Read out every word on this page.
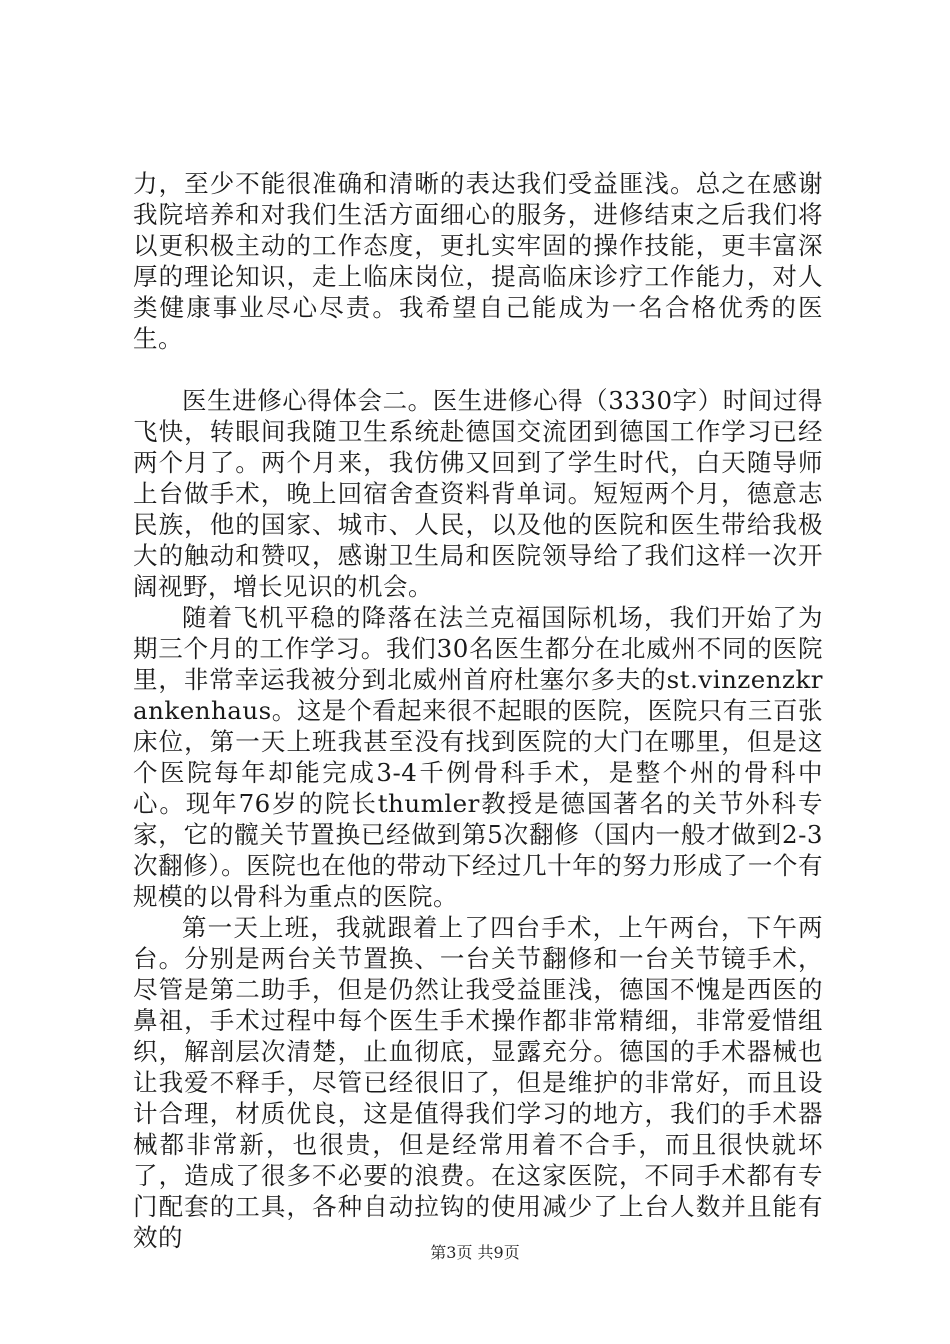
力，至少不能很准确和清晰的表达我们受益匪浅。总之在感谢我院培养和对我们生活方面细心的服务，进修结束之后我们将以更积极主动的工作态度，更扎实牢固的操作技能，更丰富深厚的理论知识，走上临床岗位，提高临床诊疗工作能力，对人类健康事业尽心尽责。我希望自己能成为一名合格优秀的医生。

医生进修心得体会二。医生进修心得（3330字）时间过得飞快，转眼间我随卫生系统赴德国交流团到德国工作学习已经两个月了。两个月来，我仿佛又回到了学生时代，白天随导师上台做手术，晚上回宿舍查资料背单词。短短两个月，德意志民族，他的国家、城市、人民，以及他的医院和医生带给我极大的触动和赞叹，感谢卫生局和医院领导给了我们这样一次开阔视野，增长见识的机会。

随着飞机平稳的降落在法兰克福国际机场，我们开始了为期三个月的工作学习。我们30名医生都分在北威州不同的医院里，非常幸运我被分到北威州首府杜塞尔多夫的st.vinzenzkrankenhaus。这是个看起来很不起眼的医院，医院只有三百张床位，第一天上班我甚至没有找到医院的大门在哪里，但是这个医院每年却能完成3-4千例骨科手术，是整个州的骨科中心。现年76岁的院长thumler教授是德国著名的关节外科专家，它的髋关节置换已经做到第5次翻修（国内一般才做到2-3次翻修）。医院也在他的带动下经过几十年的努力形成了一个有规模的以骨科为重点的医院。

第一天上班，我就跟着上了四台手术，上午两台，下午两台。分别是两台关节置换、一台关节翻修和一台关节镜手术，尽管是第二助手，但是仍然让我受益匪浅，德国不愧是西医的鼻祖，手术过程中每个医生手术操作都非常精细，非常爱惜组织，解剖层次清楚，止血彻底，显露充分。德国的手术器械也让我爱不释手，尽管已经很旧了，但是维护的非常好，而且设计合理，材质优良，这是值得我们学习的地方，我们的手术器械都非常新，也很贵，但是经常用着不合手，而且很快就坏了，造成了很多不必要的浪费。在这家医院，不同手术都有专门配套的工具，各种自动拉钩的使用减少了上台人数并且能有效的

第3页 共9页
